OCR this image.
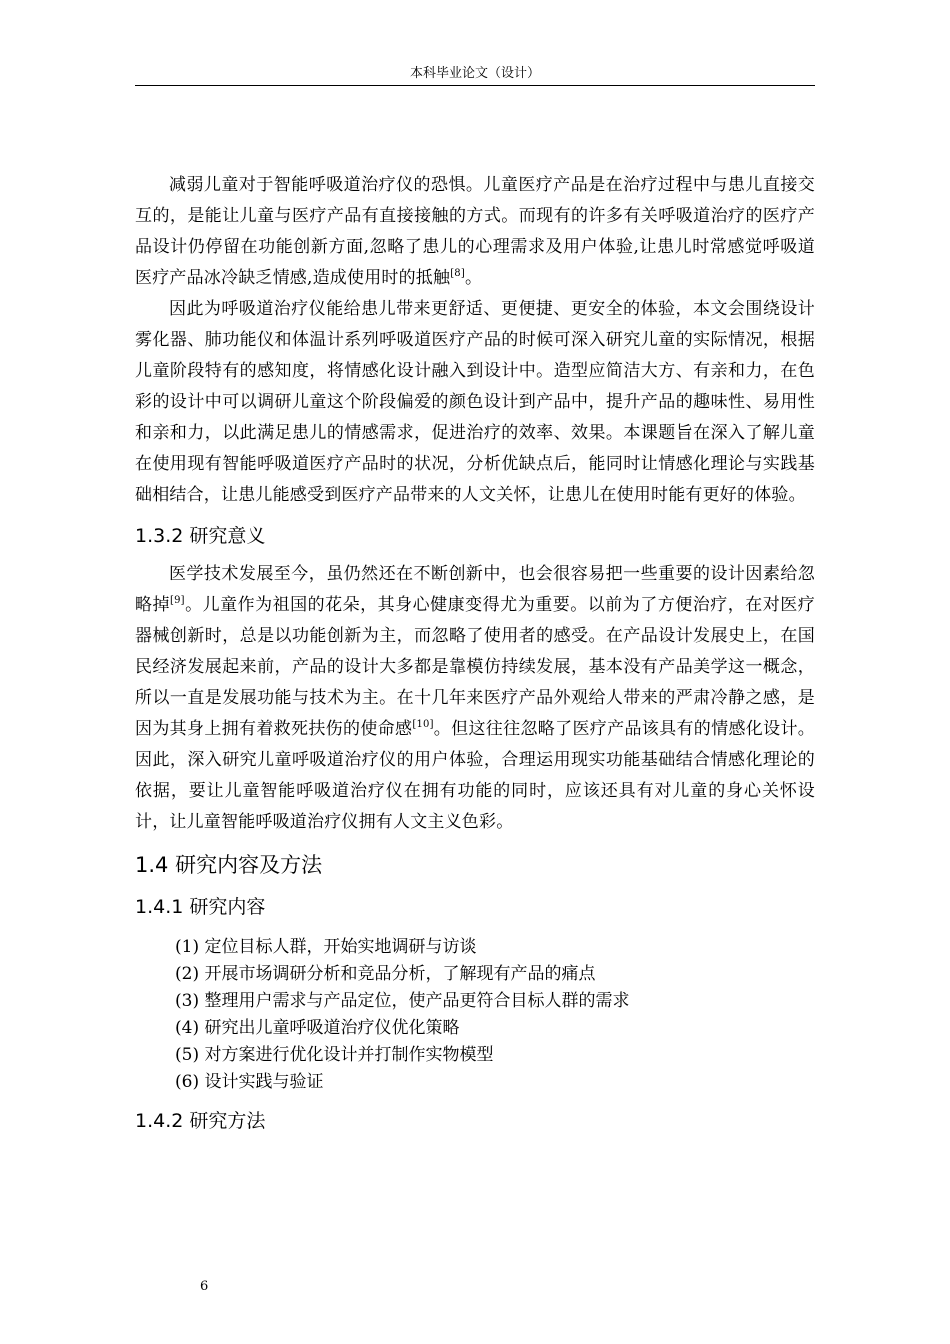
本科毕业论文（设计）

减弱儿童对于智能呼吸道治疗仪的恐惧。儿童医疗产品是在治疗过程中与患儿直接交互的，是能让儿童与医疗产品有直接接触的方式。而现有的许多有关呼吸道治疗的医疗产品设计仍停留在功能创新方面,忽略了患儿的心理需求及用户体验,让患儿时常感觉呼吸道医疗产品冰冷缺乏情感,造成使用时的抵触[8]。

因此为呼吸道治疗仪能给患儿带来更舒适、更便捷、更安全的体验，本文会围绕设计雾化器、肺功能仪和体温计系列呼吸道医疗产品的时候可深入研究儿童的实际情况，根据儿童阶段特有的感知度，将情感化设计融入到设计中。造型应简洁大方、有亲和力，在色彩的设计中可以调研儿童这个阶段偏爱的颜色设计到产品中，提升产品的趣味性、易用性和亲和力，以此满足患儿的情感需求，促进治疗的效率、效果。本课题旨在深入了解儿童在使用现有智能呼吸道医疗产品时的状况，分析优缺点后，能同时让情感化理论与实践基础相结合，让患儿能感受到医疗产品带来的人文关怀，让患儿在使用时能有更好的体验。

1.3.2 研究意义

医学技术发展至今，虽仍然还在不断创新中，也会很容易把一些重要的设计因素给忽略掉[9]。儿童作为祖国的花朵，其身心健康变得尤为重要。以前为了方便治疗，在对医疗器械创新时，总是以功能创新为主，而忽略了使用者的感受。在产品设计发展史上，在国民经济发展起来前，产品的设计大多都是靠模仿持续发展，基本没有产品美学这一概念，所以一直是发展功能与技术为主。在十几年来医疗产品外观给人带来的严肃冷静之感，是因为其身上拥有着救死扶伤的使命感[10]。但这往往忽略了医疗产品该具有的情感化设计。因此，深入研究儿童呼吸道治疗仪的用户体验，合理运用现实功能基础结合情感化理论的依据，要让儿童智能呼吸道治疗仪在拥有功能的同时，应该还具有对儿童的身心关怀设计，让儿童智能呼吸道治疗仪拥有人文主义色彩。

1.4 研究内容及方法
1.4.1 研究内容
(1) 定位目标人群，开始实地调研与访谈
(2) 开展市场调研分析和竞品分析，了解现有产品的痛点
(3) 整理用户需求与产品定位，使产品更符合目标人群的需求
(4) 研究出儿童呼吸道治疗仪优化策略
(5) 对方案进行优化设计并打制作实物模型
(6) 设计实践与验证
1.4.2 研究方法
6
